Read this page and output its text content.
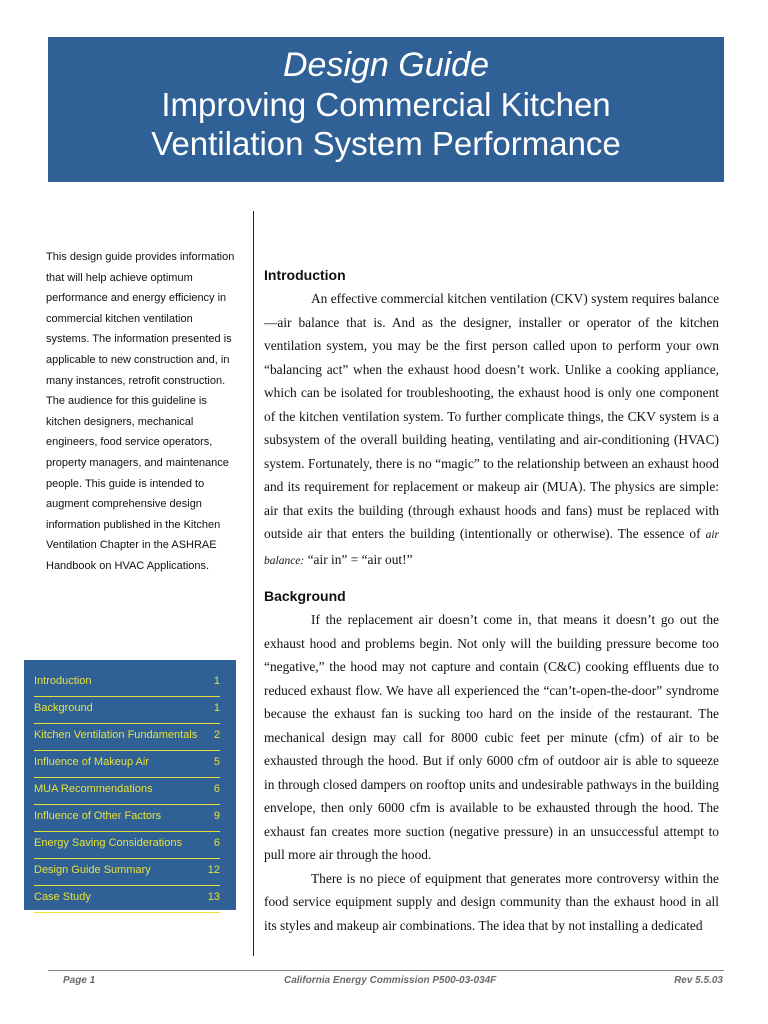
Design Guide
Improving Commercial Kitchen
Ventilation System Performance
This design guide provides information that will help achieve optimum performance and energy efficiency in commercial kitchen ventilation systems. The information presented is applicable to new construction and, in many instances, retrofit construction. The audience for this guideline is kitchen designers, mechanical engineers, food service operators, property managers, and maintenance people. This guide is intended to augment comprehensive design information published in the Kitchen Ventilation Chapter in the ASHRAE Handbook on HVAC Applications.
Introduction	1
Background	1
Kitchen Ventilation Fundamentals 2
Influence of Makeup Air	5
MUA Recommendations	6
Influence of Other Factors	9
Energy Saving Considerations	6
Design Guide Summary	12
Case Study	13
Introduction

An effective commercial kitchen ventilation (CKV) system requires balance—air balance that is. And as the designer, installer or operator of the kitchen ventilation system, you may be the first person called upon to perform your own “balancing act” when the exhaust hood doesn’t work. Unlike a cooking appliance, which can be isolated for troubleshooting, the exhaust hood is only one component of the kitchen ventilation system. To further complicate things, the CKV system is a subsystem of the overall building heating, ventilating and air-conditioning (HVAC) system. Fortunately, there is no “magic” to the relationship between an exhaust hood and its requirement for replacement or makeup air (MUA). The physics are simple: air that exits the building (through exhaust hoods and fans) must be replaced with outside air that enters the building (intentionally or otherwise). The essence of air balance: “air in” = “air out!”

Background

If the replacement air doesn’t come in, that means it doesn’t go out the exhaust hood and problems begin. Not only will the building pressure become too “negative,” the hood may not capture and contain (C&C) cooking effluents due to reduced exhaust flow. We have all experienced the “can’t-open-the-door” syndrome because the exhaust fan is sucking too hard on the inside of the restaurant. The mechanical design may call for 8000 cubic feet per minute (cfm) of air to be exhausted through the hood. But if only 6000 cfm of outdoor air is able to squeeze in through closed dampers on rooftop units and undesirable pathways in the building envelope, then only 6000 cfm is available to be exhausted through the hood. The exhaust fan creates more suction (negative pressure) in an unsuccessful attempt to pull more air through the hood.

There is no piece of equipment that generates more controversy within the food service equipment supply and design community than the exhaust hood in all its styles and makeup air combinations. The idea that by not installing a dedicated

Page 1	California Energy Commission P500-03-034F	Rev 5.5.03
